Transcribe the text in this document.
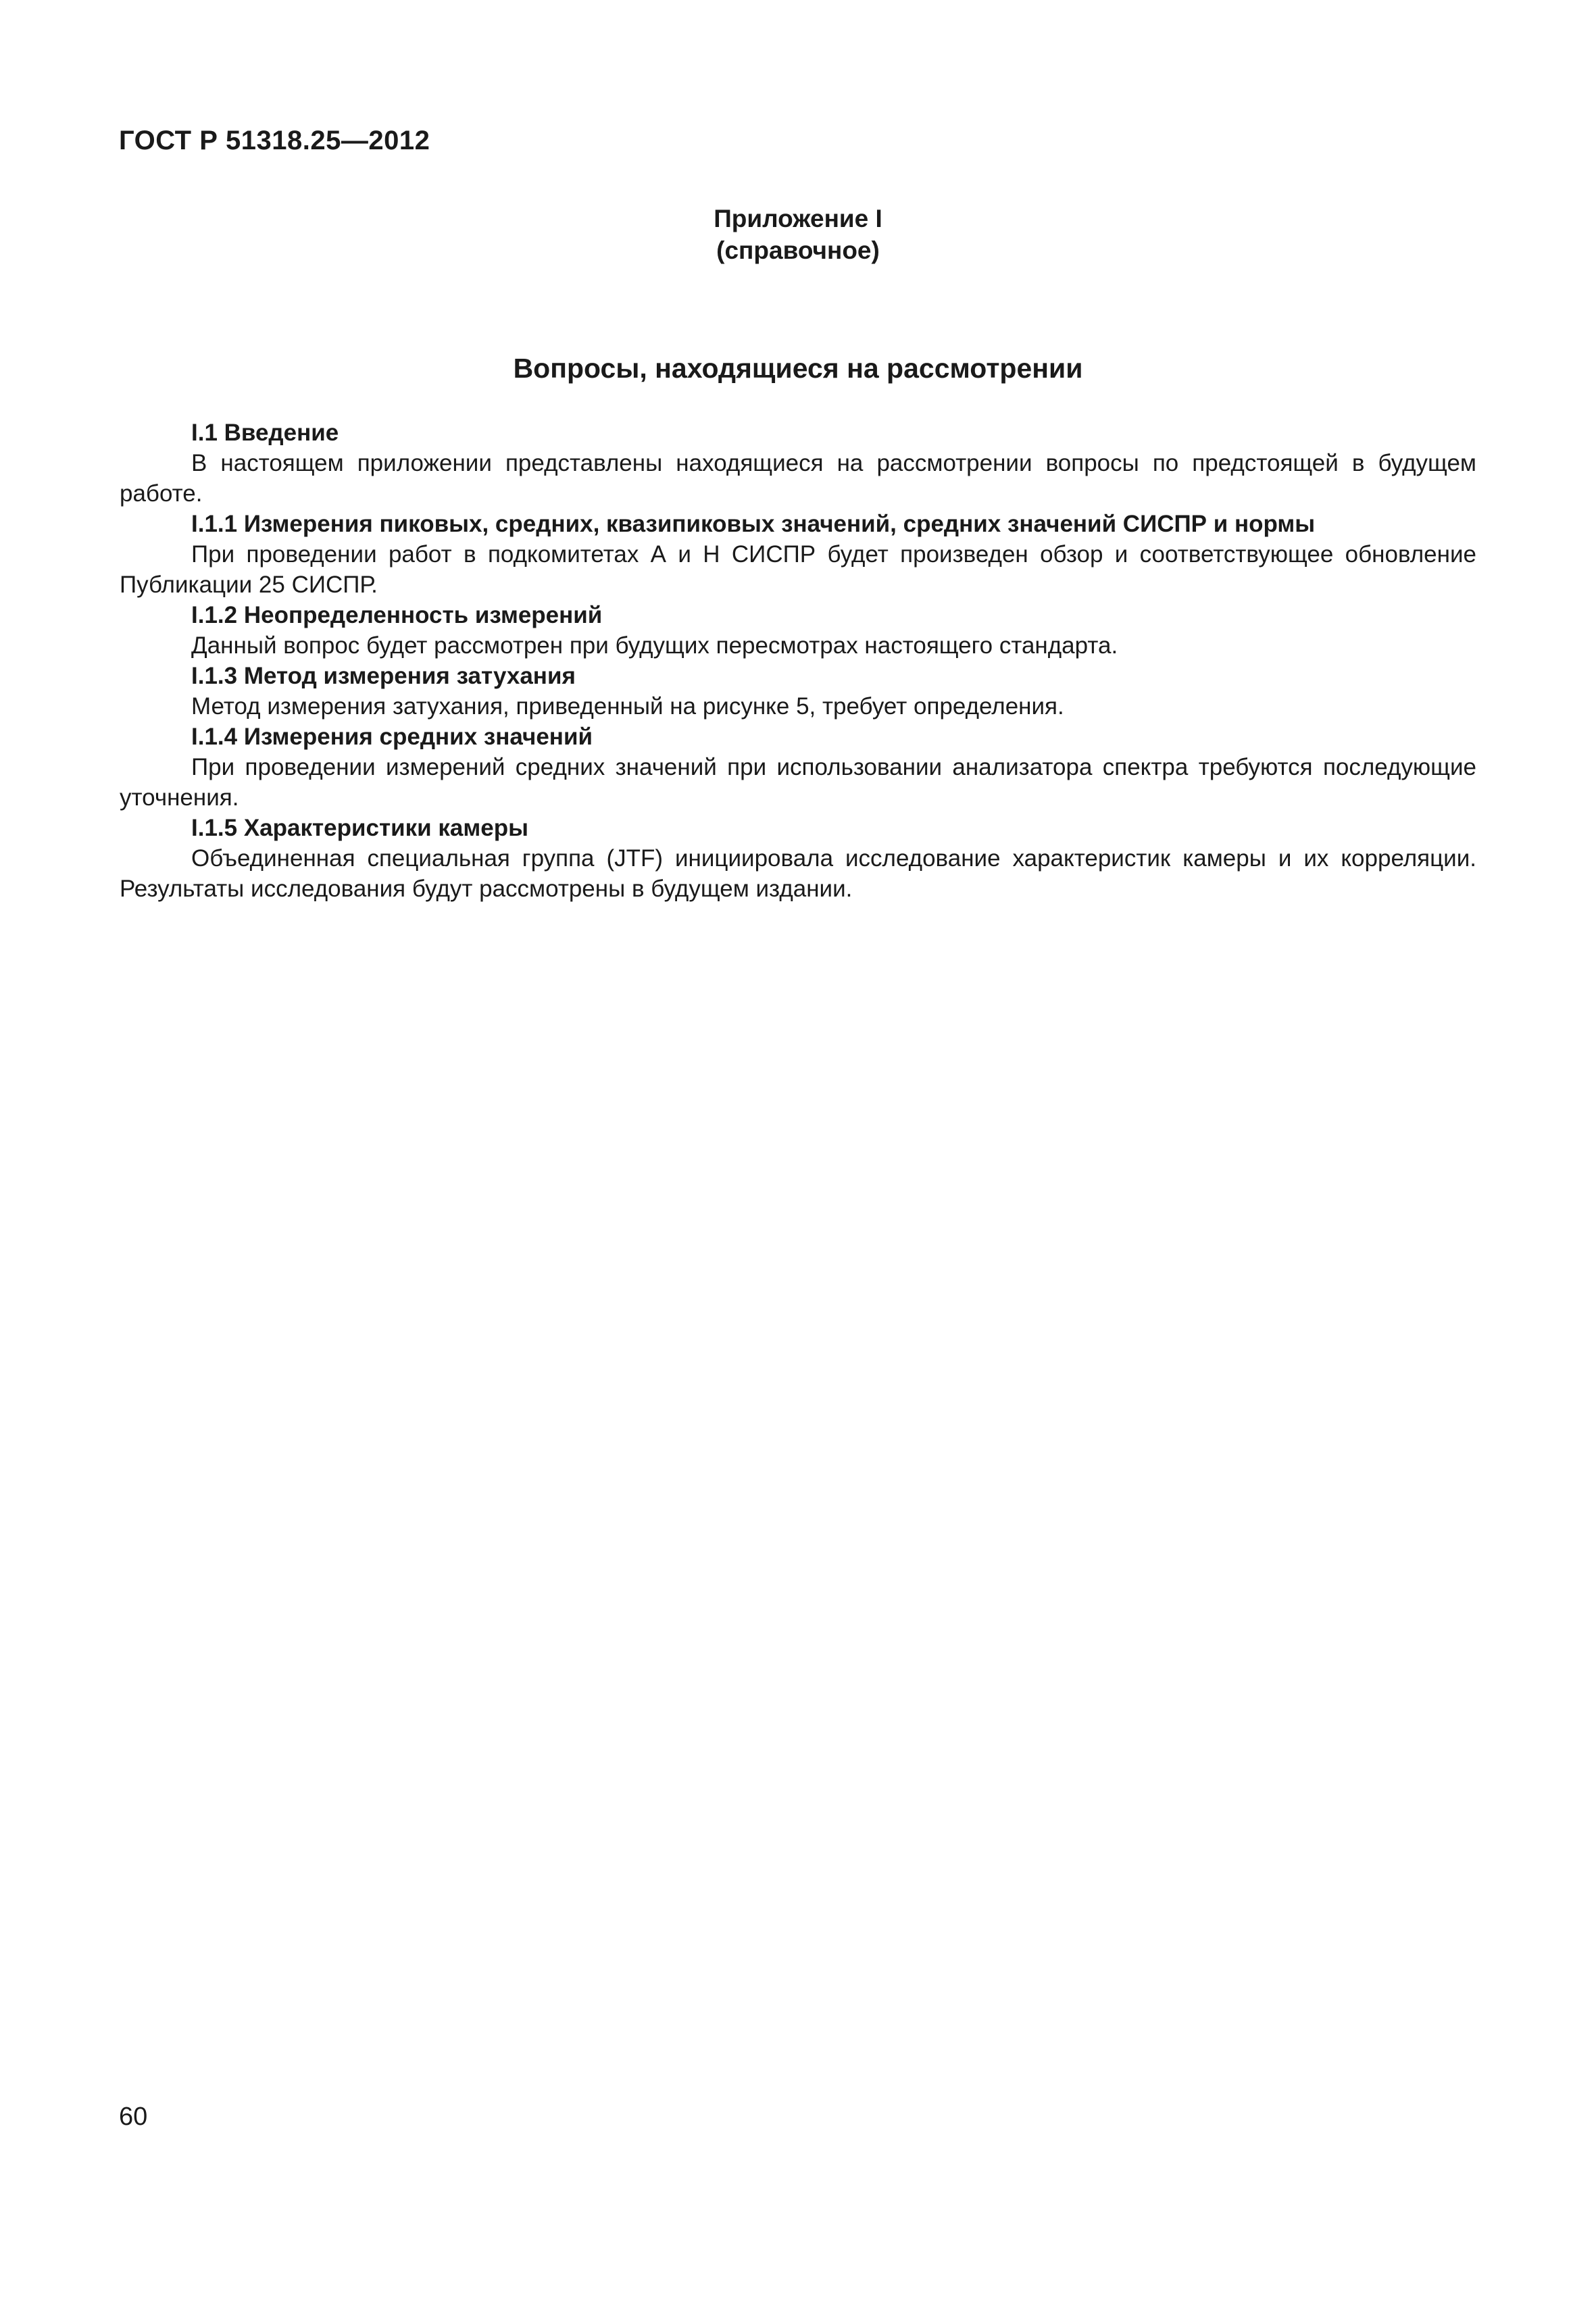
ГОСТ Р 51318.25—2012
Приложение I
(справочное)
Вопросы, находящиеся на рассмотрении

I.1 Введение

В настоящем приложении представлены находящиеся на рассмотрении вопросы по предстоящей в будущем работе.

I.1.1 Измерения пиковых, средних, квазипиковых значений, средних значений СИСПР и нормы

При проведении работ в подкомитетах А и Н СИСПР будет произведен обзор и соответствующее обновление Публикации 25 СИСПР.

I.1.2 Неопределенность измерений

Данный вопрос будет рассмотрен при будущих пересмотрах настоящего стандарта.

I.1.3 Метод измерения затухания

Метод измерения затухания, приведенный на рисунке 5, требует определения.

I.1.4 Измерения средних значений

При проведении измерений средних значений при использовании анализатора спектра требуются последующие уточнения.

I.1.5 Характеристики камеры

Объединенная специальная группа (JTF) инициировала исследование характеристик камеры и их корреляции. Результаты исследования будут рассмотрены в будущем издании.

60
